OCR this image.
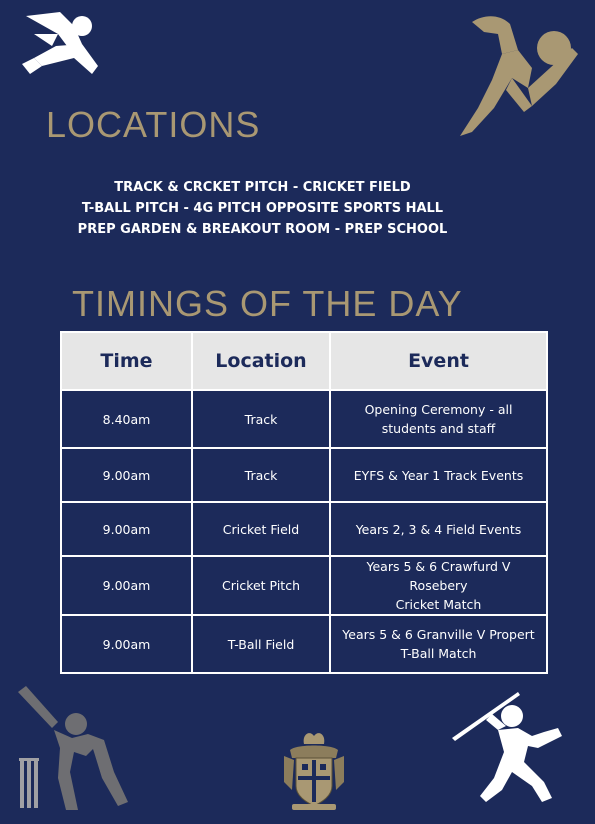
LOCATIONS
TRACK & CRCKET PITCH - CRICKET FIELD
T-BALL PITCH - 4G PITCH OPPOSITE SPORTS HALL
PREP GARDEN & BREAKOUT ROOM - PREP SCHOOL
TIMINGS OF THE DAY
Time	Location	Event
8.40am	Track	Opening Ceremony - all
students and staff

9.00am	Track	EYFS & Year 1 Track Events

9.00am	Cricket Field	Years 2, 3 & 4 Field Events

9.00am	Cricket Pitch	Years 5 & 6 Crawfurd V Rosebery
Cricket Match

9.00am	T-Ball Field	Years 5 & 6 Granville V Propert
T-Ball Match
